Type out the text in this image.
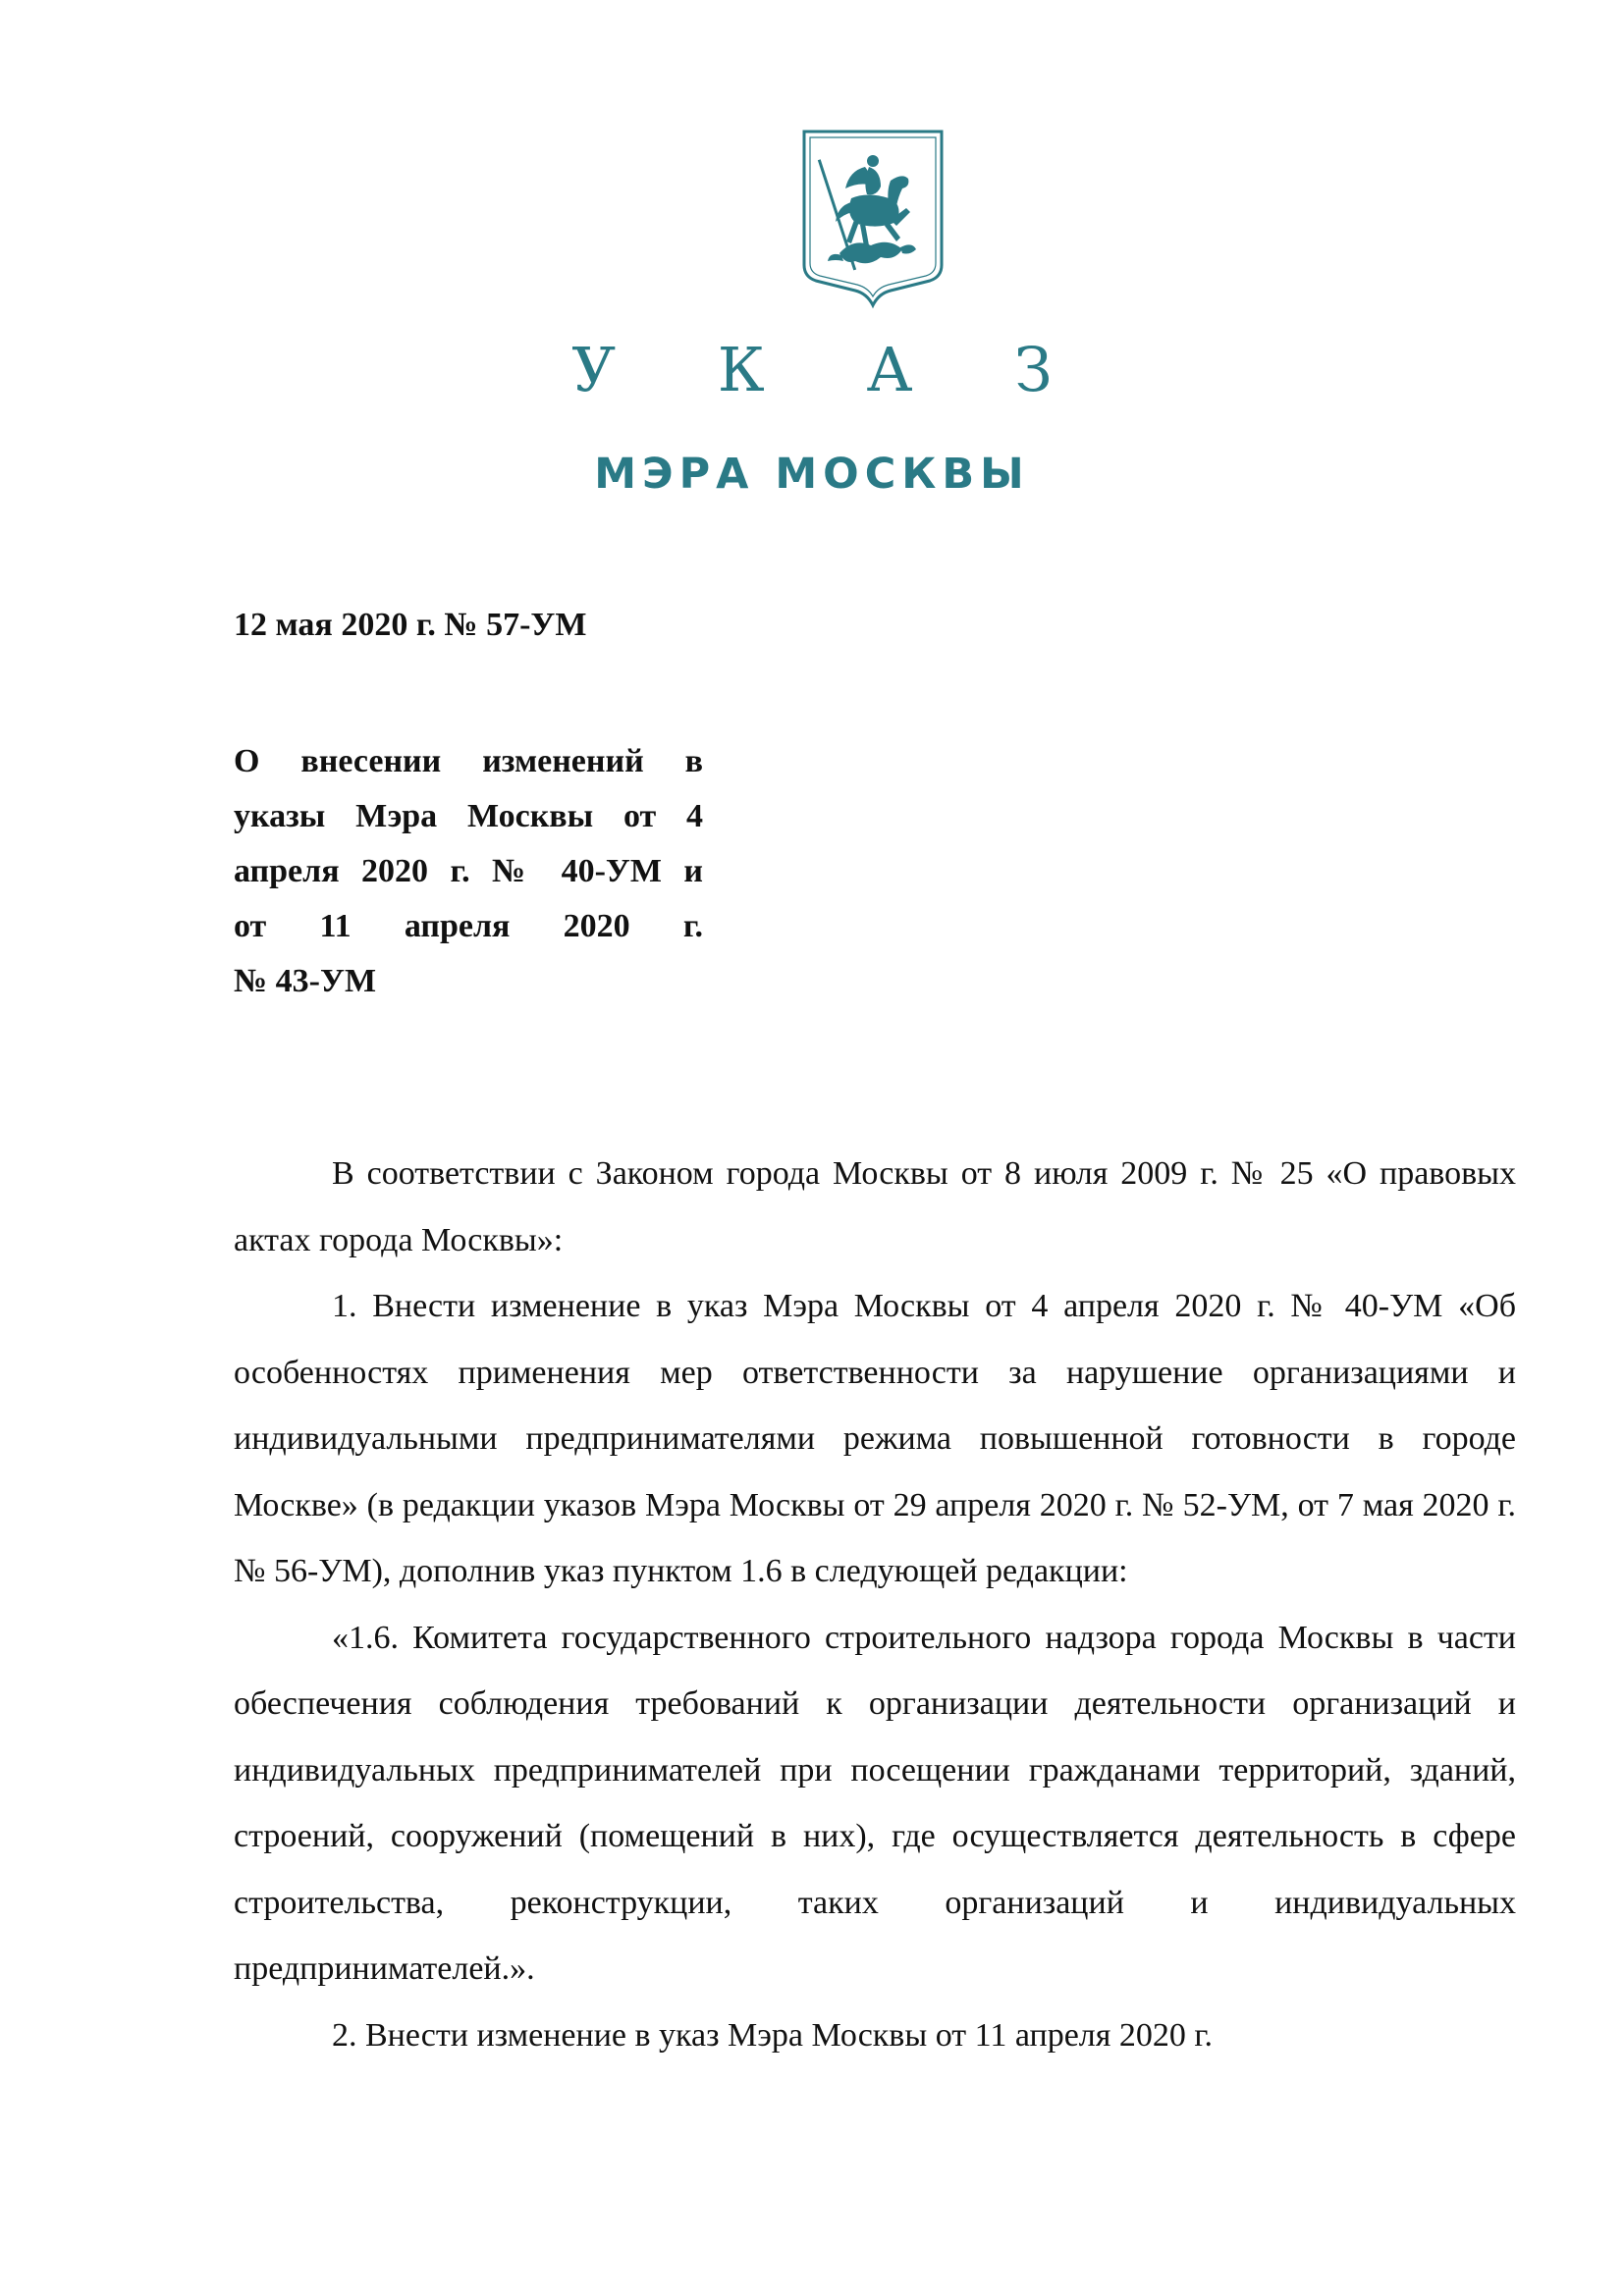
У К А З
МЭРА МОСКВЫ
12 мая 2020 г. № 57-УМ
О внесении изменений в
указы Мэра Москвы от 4
апреля 2020 г. № 40-УМ и
от 11 апреля 2020 г.
№ 43-УМ

В соответствии с Законом города Москвы от 8 июля 2009 г. № 25 «О правовых актах города Москвы»:

1. Внести изменение в указ Мэра Москвы от 4 апреля 2020 г. № 40-УМ «Об особенностях применения мер ответственности за нарушение организациями и индивидуальными предпринимателями режима повышенной готовности в городе Москве» (в редакции указов Мэра Москвы от 29 апреля 2020 г. № 52-УМ, от 7 мая 2020 г. № 56-УМ), дополнив указ пунктом 1.6 в следующей редакции:

«1.6. Комитета государственного строительного надзора города Москвы в части обеспечения соблюдения требований к организации деятельности организаций и индивидуальных предпринимателей при посещении гражданами территорий, зданий, строений, сооружений (помещений в них), где осуществляется деятельность в сфере строительства, реконструкции, таких организаций и индивидуальных предпринимателей.».

2. Внести изменение в указ Мэра Москвы от 11 апреля 2020 г.
